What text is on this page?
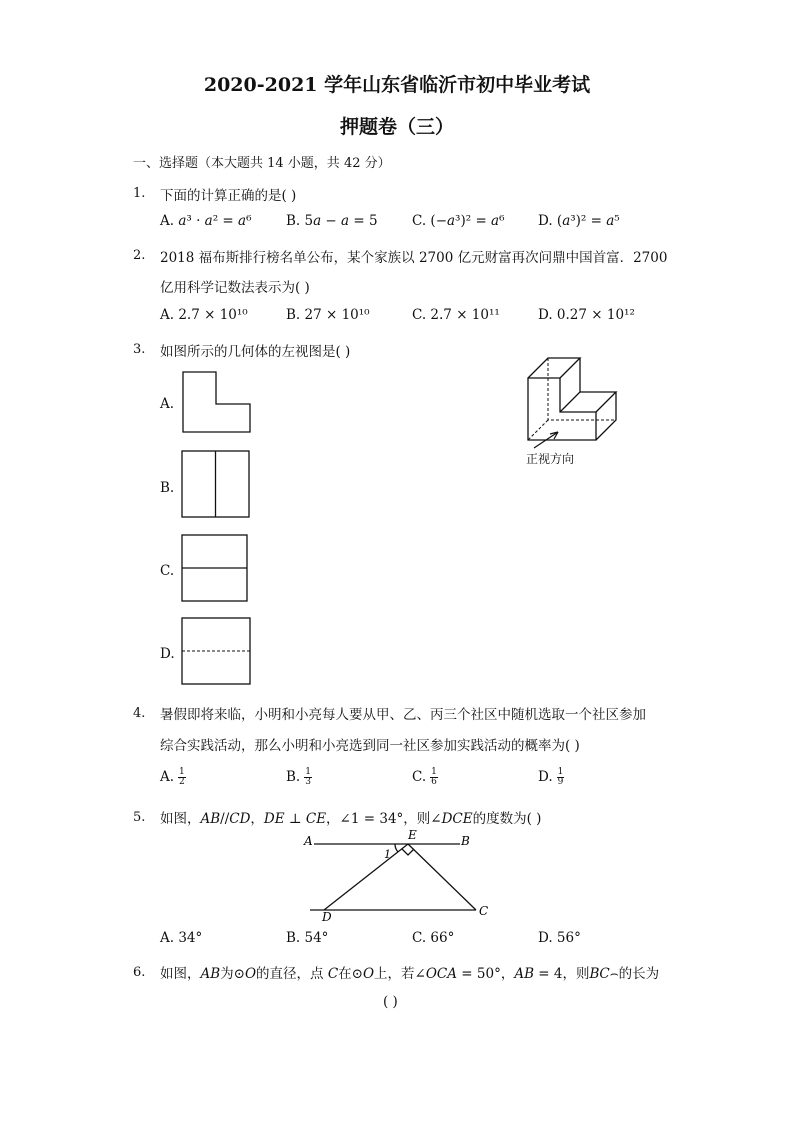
2020-2021 学年山东省临沂市初中毕业考试
押题卷（三）
一、选择题（本大题共 14 小题，共 42 分）
1. 下面的计算正确的是( )
A. 𝑎³ · 𝑎² = 𝑎⁶	B. 5𝑎 − 𝑎 = 5	C. (−𝑎³)² = 𝑎⁶ D. (𝑎³)² = 𝑎⁵
2. 2018 福布斯排行榜名单公布，某个家族以 2700 亿元财富再次问鼎中国首富．2700
亿用科学记数法表示为( )
A. 2.7 × 10¹⁰	B. 27 × 10¹⁰	C. 2.7 × 10¹¹	D. 0.27 × 10¹²
3. 如图所示的几何体的左视图是( )
A.
B.
C.
D.
正视方向
4. 暑假即将来临，小明和小亮每人要从甲、乙、丙三个社区中随机选取一个社区参加
综合实践活动，那么小明和小亮选到同一社区参加实践活动的概率为( )
A. $\frac{1}{2}$	B. $\frac{1}{3}$	C. $\frac{1}{6}$	D. $\frac{1}{9}$
5. 如图，𝐴𝐵//𝐶𝐷，𝐷𝐸 ⊥ 𝐶𝐸，∠1 = 34°，则∠𝐷𝐶𝐸的度数为( )
A	B
E
D	C
1
A. 34°	B. 54°	C. 66°	D. 56°
6. 如图，𝐴𝐵为⊙𝑂的直径，点 𝐶在⊙𝑂上，若∠𝑂𝐶𝐴 = 50°，𝐴𝐵 = 4，则𝐵𝐶⌢的长为
( )
